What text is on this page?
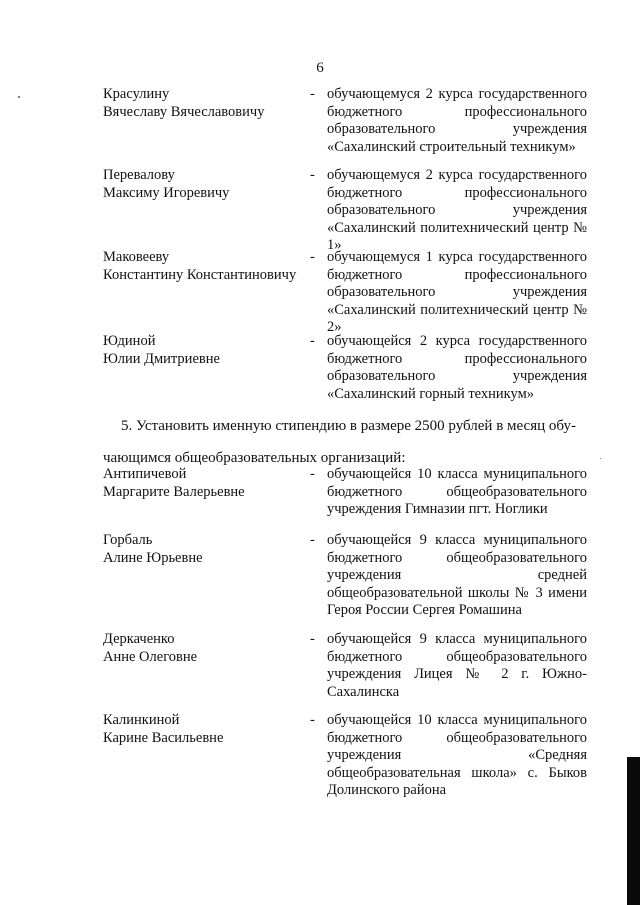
6
Красулину
Вячеславу Вячеславовичу
- обучающемуся 2 курса государственного бюджетного профессионального образовательного учреждения «Сахалинский строительный техникум»
Перевалову
Максиму Игоревичу
- обучающемуся 2 курса государственного бюджетного профессионального образовательного учреждения «Сахалинский политехнический центр № 1»
Маковееву
Константину Константиновичу
- обучающемуся 1 курса государственного бюджетного профессионального образовательного учреждения «Сахалинский политехнический центр № 2»
Юдиной
Юлии Дмитриевне
- обучающейся 2 курса государственного бюджетного профессионального образовательного учреждения «Сахалинский горный техникум»
5. Установить именную стипендию в размере 2500 рублей в месяц обу-
чающимся общеобразовательных организаций:
Антипичевой
Маргарите Валерьевне
- обучающейся 10 класса муниципального бюджетного общеобразовательного учреждения Гимназии пгт. Ноглики
Горбаль
Алине Юрьевне
- обучающейся 9 класса муниципального бюджетного общеобразовательного учреждения средней общеобразовательной школы № 3 имени Героя России Сергея Ромашина
Деркаченко
Анне Олеговне
- обучающейся 9 класса муниципального бюджетного общеобразовательного учреждения Лицея № 2 г. Южно-Сахалинска
Калинкиной
Карине Васильевне
- обучающейся 10 класса муниципального бюджетного общеобразовательного учреждения «Средняя общеобразовательная школа» с. Быков Долинского района
